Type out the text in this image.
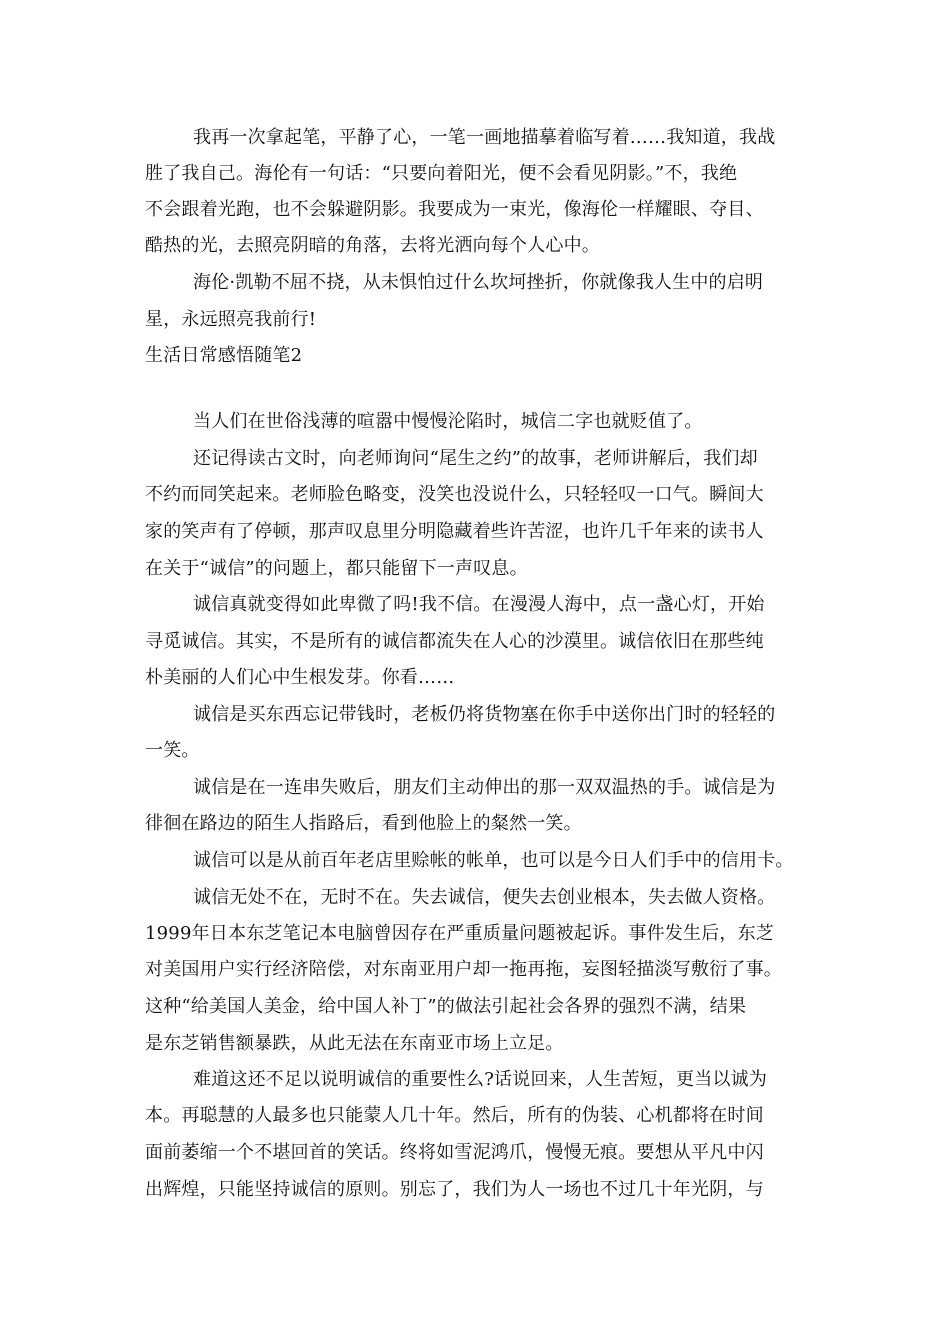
我再一次拿起笔，平静了心，一笔一画地描摹着临写着……我知道，我战
胜了我自己。海伦有一句话：“只要向着阳光，便不会看见阴影。”不，我绝
不会跟着光跑，也不会躲避阴影。我要成为一束光，像海伦一样耀眼、夺目、
酷热的光，去照亮阴暗的角落，去将光洒向每个人心中。
海伦·凯勒不屈不挠，从未惧怕过什么坎坷挫折，你就像我人生中的启明
星，永远照亮我前行!
生活日常感悟随笔2
当人们在世俗浅薄的喧嚣中慢慢沦陷时，城信二字也就贬值了。
还记得读古文时，向老师询问“尾生之约”的故事，老师讲解后，我们却
不约而同笑起来。老师脸色略变，没笑也没说什么，只轻轻叹一口气。瞬间大
家的笑声有了停顿，那声叹息里分明隐藏着些许苦涩，也许几千年来的读书人
在关于“诚信”的问题上，都只能留下一声叹息。
诚信真就变得如此卑微了吗!我不信。在漫漫人海中，点一盏心灯，开始
寻觅诚信。其实，不是所有的诚信都流失在人心的沙漠里。诚信依旧在那些纯
朴美丽的人们心中生根发芽。你看……
诚信是买东西忘记带钱时，老板仍将货物塞在你手中送你出门时的轻轻的
一笑。
诚信是在一连串失败后，朋友们主动伸出的那一双双温热的手。诚信是为
徘徊在路边的陌生人指路后，看到他脸上的粲然一笑。
诚信可以是从前百年老店里赊帐的帐单，也可以是今日人们手中的信用卡。
诚信无处不在，无时不在。失去诚信，便失去创业根本，失去做人资格。
1999年日本东芝笔记本电脑曾因存在严重质量问题被起诉。事件发生后，东芝
对美国用户实行经济陪偿，对东南亚用户却一拖再拖，妄图轻描淡写敷衍了事。
这种“给美国人美金，给中国人补丁”的做法引起社会各界的强烈不满，结果
是东芝销售额暴跌，从此无法在东南亚市场上立足。
难道这还不足以说明诚信的重要性么?话说回来，人生苦短，更当以诚为
本。再聪慧的人最多也只能蒙人几十年。然后，所有的伪装、心机都将在时间
面前萎缩一个不堪回首的笑话。终将如雪泥鸿爪，慢慢无痕。要想从平凡中闪
出辉煌，只能坚持诚信的原则。别忘了，我们为人一场也不过几十年光阴，与
